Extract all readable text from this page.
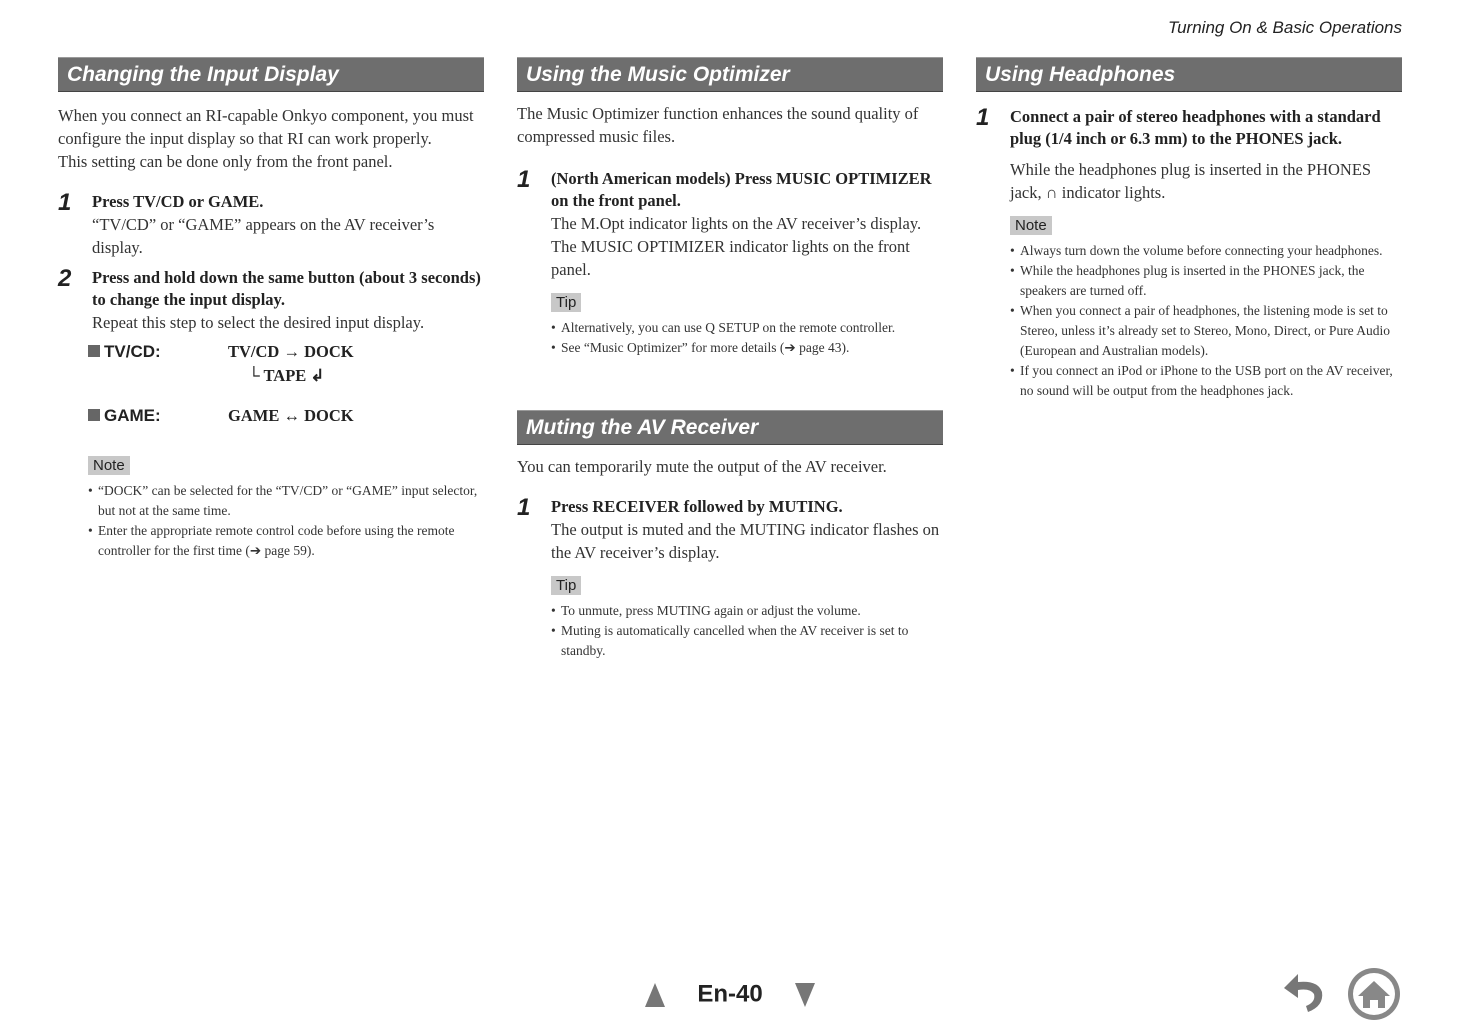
Turning On & Basic Operations
Changing the Input Display

When you connect an RI-capable Onkyo component, you must configure the input display so that RI can work properly.

This setting can be done only from the front panel.

1 Press TV/CD or GAME.

“TV/CD” or “GAME” appears on the AV receiver’s display.

2 Press and hold down the same button (about 3 seconds) to change the input display.

Repeat this step to select the desired input display.

TV/CD:	TV/CD → DOCK
└ TAPE ↲
GAME:	GAME ↔ DOCK
Note
• “DOCK” can be selected for the “TV/CD” or “GAME” input selector, but not at the same time.
• Enter the appropriate remote control code before using the remote controller for the first time (➔ page 59).
Using the Music Optimizer

The Music Optimizer function enhances the sound quality of compressed music files.

1 (North American models) Press MUSIC OPTIMIZER on the front panel.

The M.Opt indicator lights on the AV receiver’s display.

The MUSIC OPTIMIZER indicator lights on the front panel.

Tip
• Alternatively, you can use Q SETUP on the remote controller.
• See “Music Optimizer” for more details (➔ page 43).
Muting the AV Receiver

You can temporarily mute the output of the AV receiver.

1 Press RECEIVER followed by MUTING.

The output is muted and the MUTING indicator flashes on the AV receiver’s display.

Tip
• To unmute, press MUTING again or adjust the volume.
• Muting is automatically cancelled when the AV receiver is set to standby.
Using Headphones
1 Connect a pair of stereo headphones with a standard plug (1/4 inch or 6.3 mm) to the PHONES jack.

While the headphones plug is inserted in the PHONES jack, ∩ indicator lights.

Note
• Always turn down the volume before connecting your headphones.
• While the headphones plug is inserted in the PHONES jack, the speakers are turned off.
• When you connect a pair of headphones, the listening mode is set to Stereo, unless it’s already set to Stereo, Mono, Direct, or Pure Audio (European and Australian models).
• If you connect an iPod or iPhone to the USB port on the AV receiver, no sound will be output from the headphones jack.
En-40
